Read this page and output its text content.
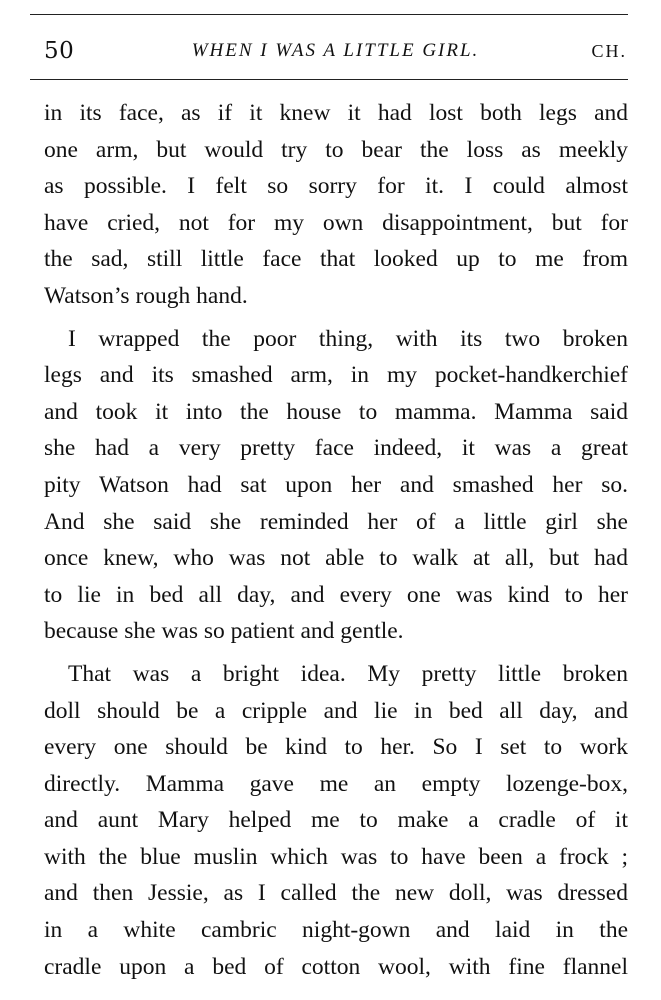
50	WHEN I WAS A LITTLE GIRL.	CH.
in its face, as if it knew it had lost both legs and
one arm, but would try to bear the loss as meekly
as possible. I felt so sorry for it. I could almost
have cried, not for my own disappointment, but for
the sad, still little face that looked up to me from
Watson’s rough hand.
I wrapped the poor thing, with its two broken
legs and its smashed arm, in my pocket-handkerchief
and took it into the house to mamma. Mamma said
she had a very pretty face indeed, it was a great
pity Watson had sat upon her and smashed her so.
And she said she reminded her of a little girl she
once knew, who was not able to walk at all, but had
to lie in bed all day, and every one was kind to her
because she was so patient and gentle.
That was a bright idea. My pretty little broken
doll should be a cripple and lie in bed all day, and
every one should be kind to her. So I set to work
directly. Mamma gave me an empty lozenge-box,
and aunt Mary helped me to make a cradle of it
with the blue muslin which was to have been a frock ;
and then Jessie, as I called the new doll, was dressed
in a white cambric night-gown and laid in the
cradle upon a bed of cotton wool, with fine flannel
